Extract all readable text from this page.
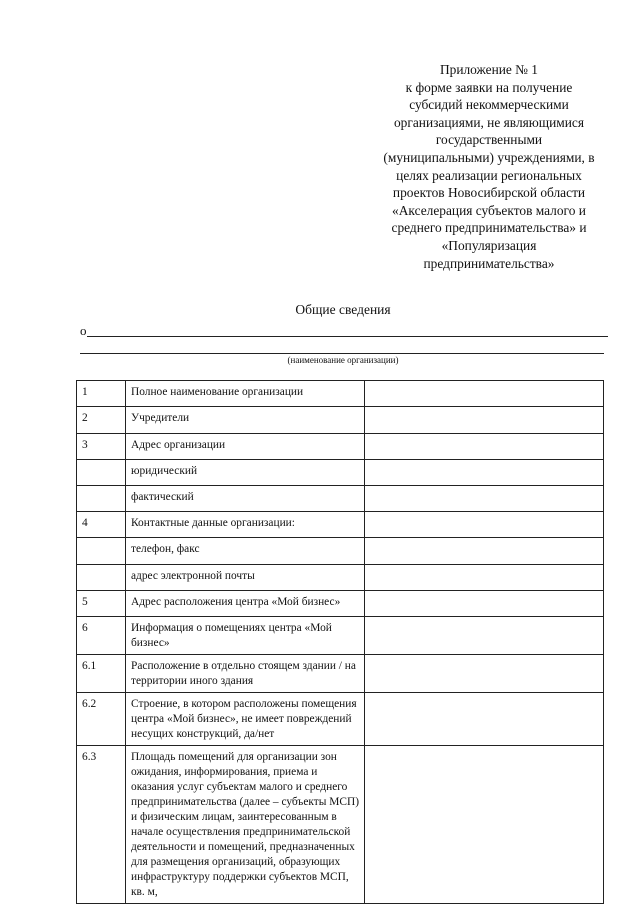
Приложение № 1
к форме заявки на получение
субсидий некоммерческими
организациями, не являющимися
государственными
(муниципальными) учреждениями, в
целях реализации региональных
проектов Новосибирской области
«Акселерация субъектов малого и
среднего предпринимательства» и
«Популяризация
предпринимательства»
Общие сведения
о
(наименование организации)
1	Полное наименование организации	
2	Учредители	
3	Адрес организации	
	юридический	
	фактический	
4	Контактные данные организации:	
	телефон, факс	
	адрес электронной почты	
5	Адрес расположения центра «Мой бизнес»	
6	Информация о помещениях центра «Мой бизнес»	
6.1	Расположение в отдельно стоящем здании / на территории иного здания	
6.2	Строение, в котором расположены помещения центра «Мой бизнес», не имеет повреждений несущих конструкций, да/нет	
6.3	Площадь помещений для организации зон ожидания, информирования, приема и оказания услуг субъектам малого и среднего предпринимательства (далее – субъекты МСП) и физическим лицам, заинтересованным в начале осуществления предпринимательской деятельности и помещений, предназначенных для размещения организаций, образующих инфраструктуру поддержки субъектов МСП, кв. м,	
